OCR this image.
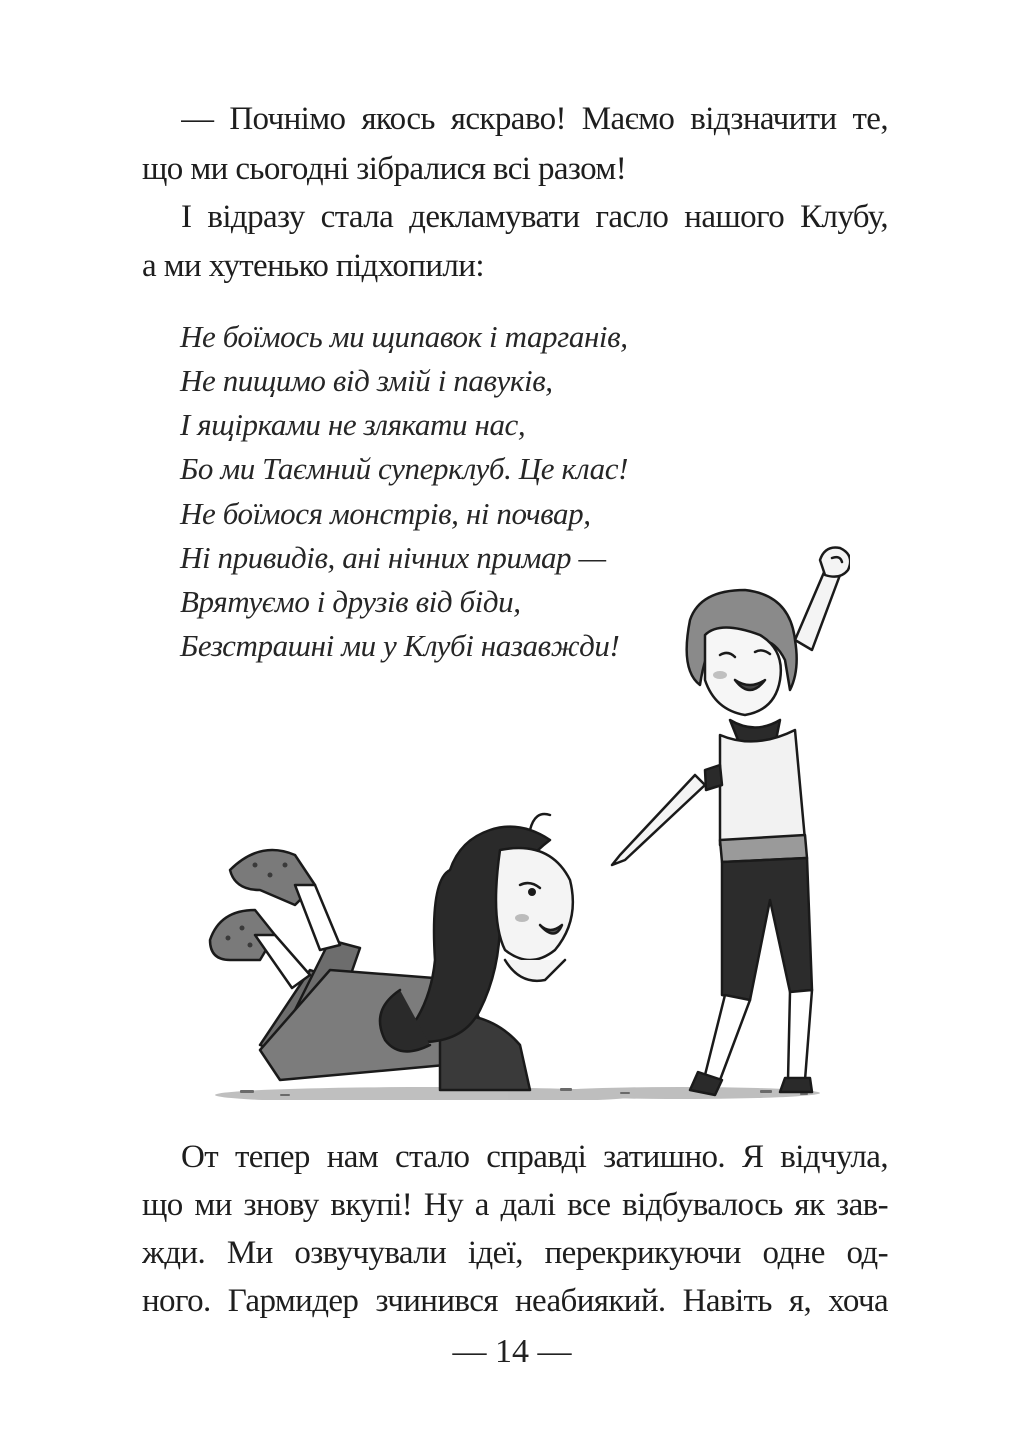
— Почнімо якось яскраво! Маємо відзначити те,
що ми сьогодні зібралися всі разом!
І відразу стала декламувати гасло нашого Клубу,
а ми хутенько підхопили:
Не боїмось ми щипавок і тарганів,
Не пищимо від змій і павуків,
І ящірками не злякати нас,
Бо ми Таємний суперклуб. Це клас!
Не боїмося монстрів, ні почвар,
Ні привидів, ані нічних примар —
Врятуємо і друзів від біди,
Безстрашні ми у Клубі назавжди!
От тепер нам стало справді затишно. Я відчула,
що ми знову вкупі! Ну а далі все відбувалось як зав-
жди. Ми озвучували ідеї, перекрикуючи одне од-
ного. Гармидер зчинився неабиякий. Навіть я, хоча
— 14 —
